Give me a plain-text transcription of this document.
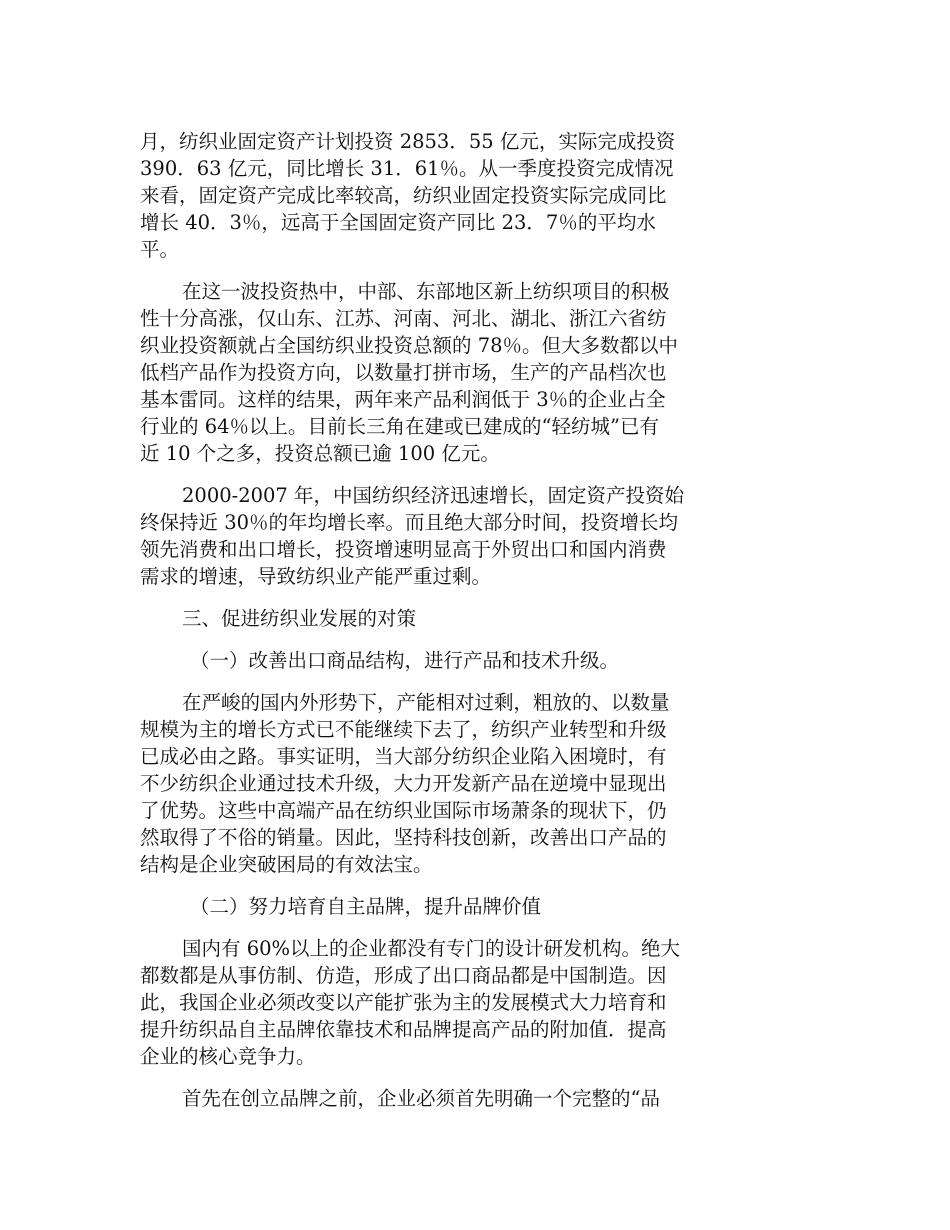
月，纺织业固定资产计划投资 2853．55 亿元，实际完成投资
390．63 亿元，同比增长 31．61％。从一季度投资完成情况
来看，固定资产完成比率较高，纺织业固定投资实际完成同比
增长 40．3％，远高于全国固定资产同比 23．7％的平均水
平。

在这一波投资热中，中部、东部地区新上纺织项目的积极
性十分高涨，仅山东、江苏、河南、河北、湖北、浙江六省纺
织业投资额就占全国纺织业投资总额的 78％。但大多数都以中
低档产品作为投资方向，以数量打拼市场，生产的产品档次也
基本雷同。这样的结果，两年来产品利润低于 3％的企业占全
行业的 64％以上。目前长三角在建或已建成的“轻纺城”已有
近 10 个之多，投资总额已逾 100 亿元。

2000-2007 年，中国纺织经济迅速增长，固定资产投资始
终保持近 30％的年均增长率。而且绝大部分时间，投资增长均
领先消费和出口增长，投资增速明显高于外贸出口和国内消费
需求的增速，导致纺织业产能严重过剩。

三、促进纺织业发展的对策

（一）改善出口商品结构，进行产品和技术升级。

在严峻的国内外形势下，产能相对过剩，粗放的、以数量
规模为主的增长方式已不能继续下去了，纺织产业转型和升级
已成必由之路。事实证明，当大部分纺织企业陷入困境时，有
不少纺织企业通过技术升级，大力开发新产品在逆境中显现出
了优势。这些中高端产品在纺织业国际市场萧条的现状下，仍
然取得了不俗的销量。因此，坚持科技创新，改善出口产品的
结构是企业突破困局的有效法宝。

（二）努力培育自主品牌，提升品牌价值

国内有 60%以上的企业都没有专门的设计研发机构。绝大
都数都是从事仿制、仿造，形成了出口商品都是中国制造。因
此，我国企业必须改变以产能扩张为主的发展模式大力培育和
提升纺织品自主品牌依靠技术和品牌提高产品的附加值．提高
企业的核心竞争力。

首先在创立品牌之前，企业必须首先明确一个完整的“品
